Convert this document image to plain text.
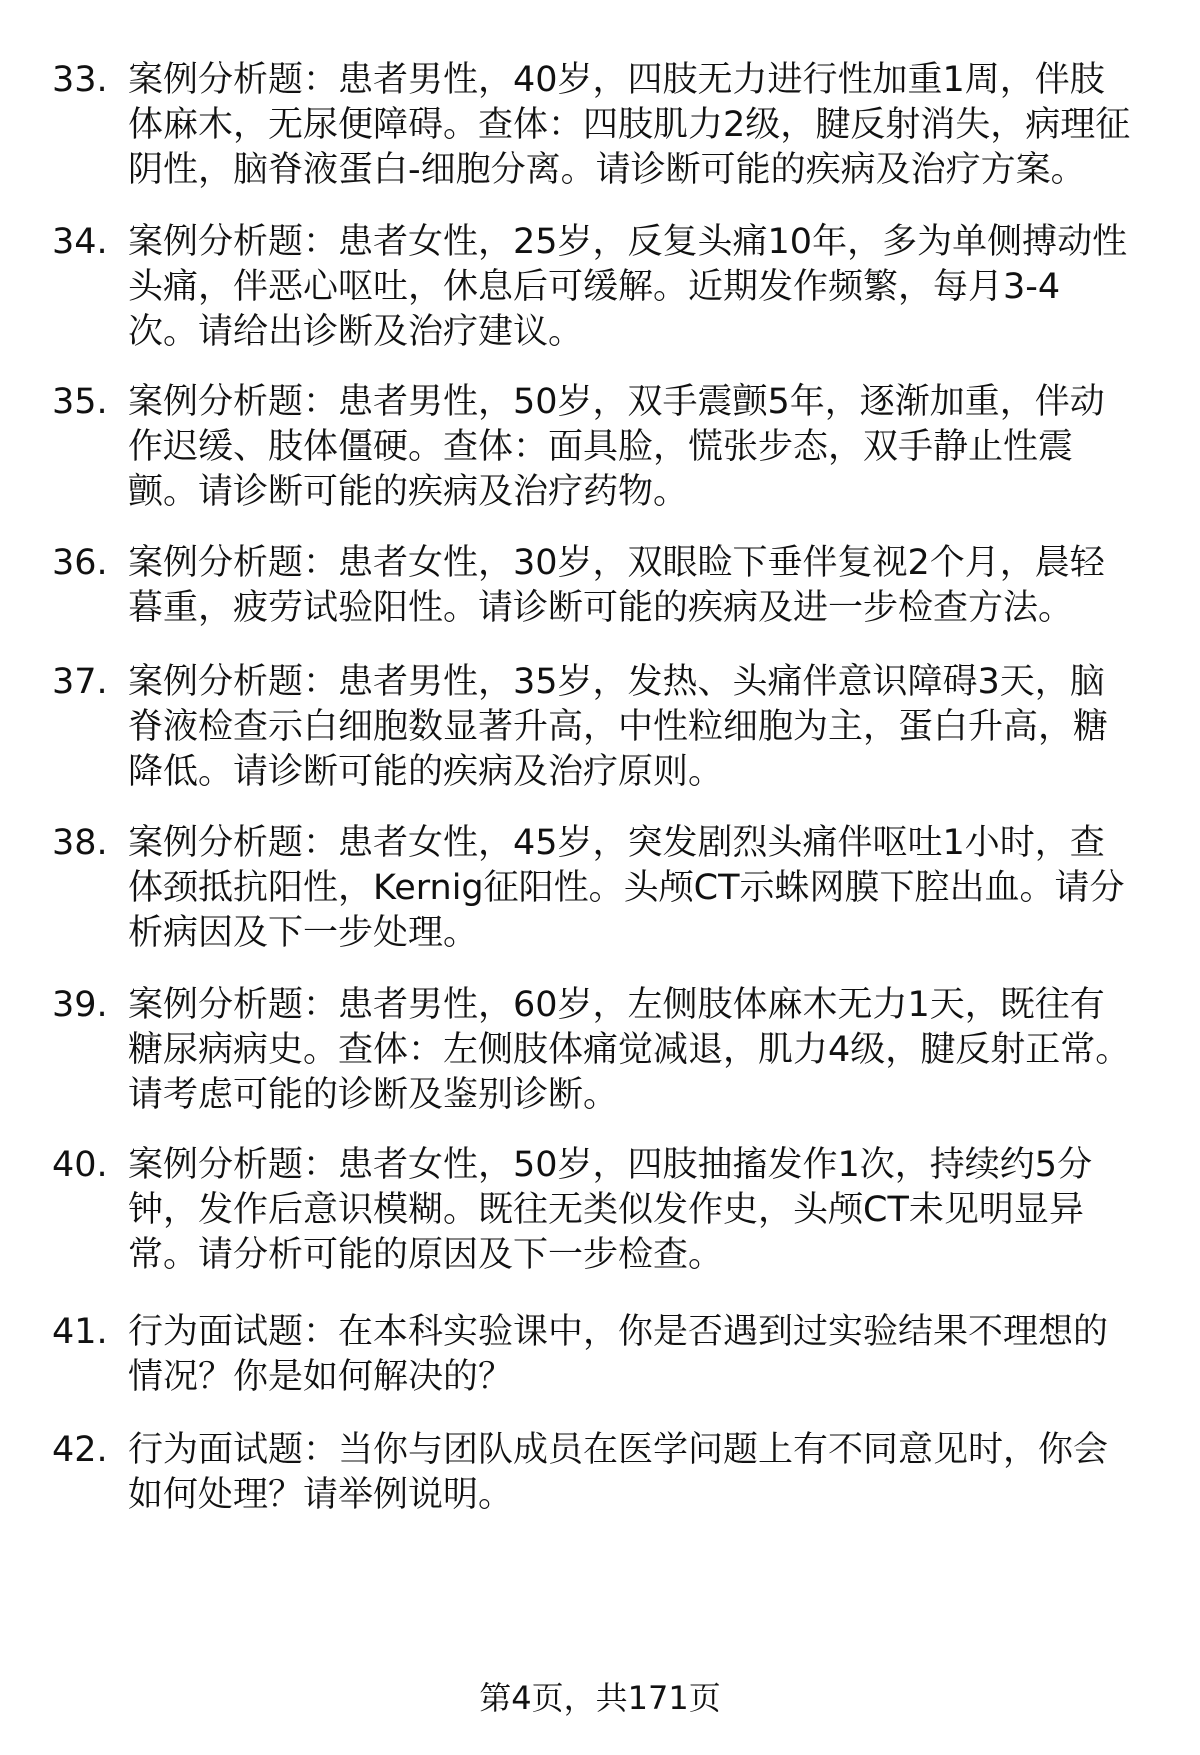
33. 案例分析题：患者男性，40岁，四肢无力进行性加重1周，伴肢
体麻木，无尿便障碍。查体：四肢肌力2级，腱反射消失，病理征
阴性，脑脊液蛋白-细胞分离。请诊断可能的疾病及治疗方案。
34. 案例分析题：患者女性，25岁，反复头痛10年，多为单侧搏动性
头痛，伴恶心呕吐，休息后可缓解。近期发作频繁，每月3-4
次。请给出诊断及治疗建议。
35. 案例分析题：患者男性，50岁，双手震颤5年，逐渐加重，伴动
作迟缓、肢体僵硬。查体：面具脸，慌张步态，双手静止性震
颤。请诊断可能的疾病及治疗药物。
36. 案例分析题：患者女性，30岁，双眼睑下垂伴复视2个月，晨轻
暮重，疲劳试验阳性。请诊断可能的疾病及进一步检查方法。
37. 案例分析题：患者男性，35岁，发热、头痛伴意识障碍3天，脑
脊液检查示白细胞数显著升高，中性粒细胞为主，蛋白升高，糖
降低。请诊断可能的疾病及治疗原则。
38. 案例分析题：患者女性，45岁，突发剧烈头痛伴呕吐1小时，查
体颈抵抗阳性，Kernig征阳性。头颅CT示蛛网膜下腔出血。请分
析病因及下一步处理。
39. 案例分析题：患者男性，60岁，左侧肢体麻木无力1天，既往有
糖尿病病史。查体：左侧肢体痛觉减退，肌力4级，腱反射正常。
请考虑可能的诊断及鉴别诊断。
40. 案例分析题：患者女性，50岁，四肢抽搐发作1次，持续约5分
钟，发作后意识模糊。既往无类似发作史，头颅CT未见明显异
常。请分析可能的原因及下一步检查。
41. 行为面试题：在本科实验课中，你是否遇到过实验结果不理想的
情况？你是如何解决的？
42. 行为面试题：当你与团队成员在医学问题上有不同意见时，你会
如何处理？请举例说明。
第4页，共171页
